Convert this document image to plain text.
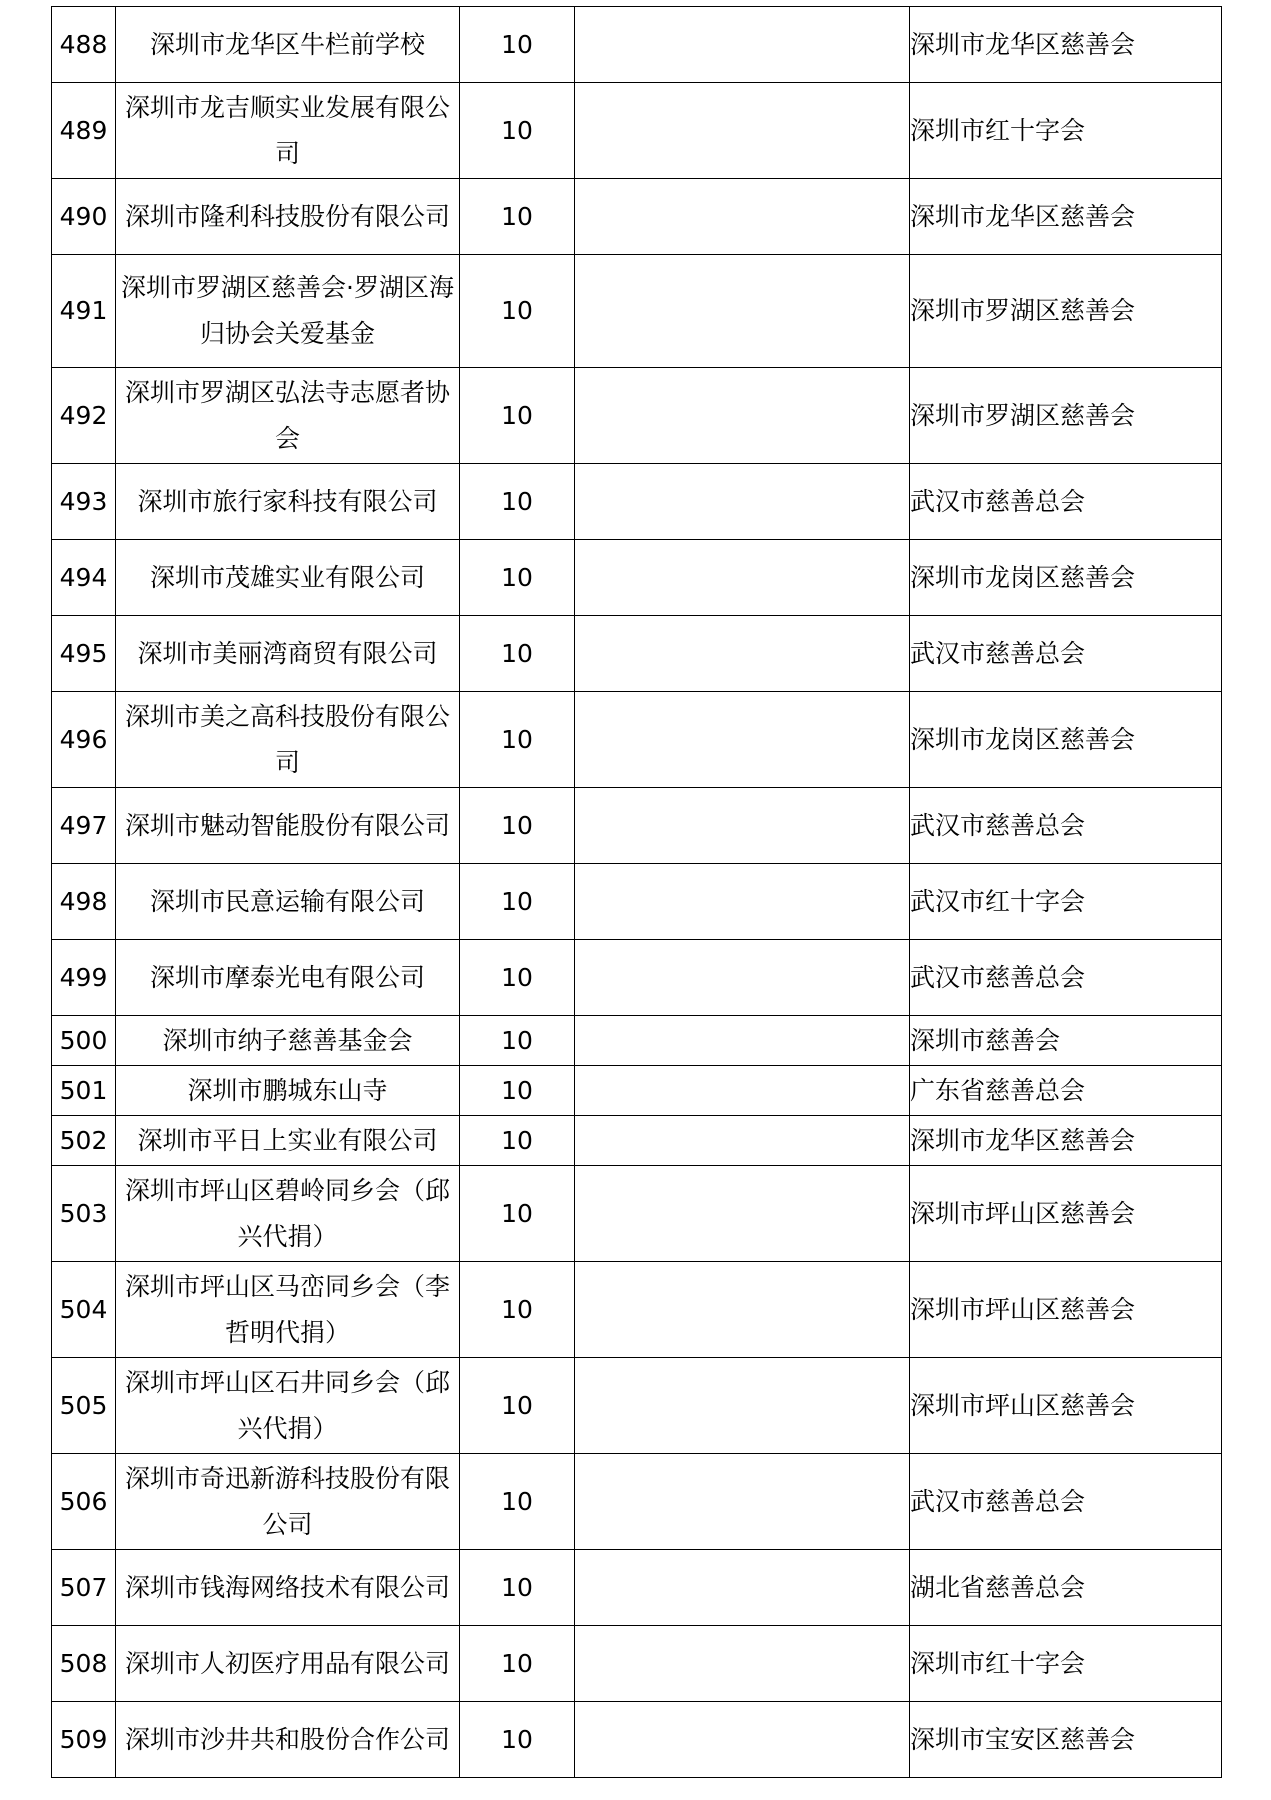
488	深圳市龙华区牛栏前学校	10		深圳市龙华区慈善会
489	深圳市龙吉顺实业发展有限公司	10		深圳市红十字会
490	深圳市隆利科技股份有限公司	10		深圳市龙华区慈善会
491	深圳市罗湖区慈善会·罗湖区海归协会关爱基金	10		深圳市罗湖区慈善会
492	深圳市罗湖区弘法寺志愿者协会	10		深圳市罗湖区慈善会
493	深圳市旅行家科技有限公司	10		武汉市慈善总会
494	深圳市茂雄实业有限公司	10		深圳市龙岗区慈善会
495	深圳市美丽湾商贸有限公司	10		武汉市慈善总会
496	深圳市美之高科技股份有限公司	10		深圳市龙岗区慈善会
497	深圳市魅动智能股份有限公司	10		武汉市慈善总会
498	深圳市民意运输有限公司	10		武汉市红十字会
499	深圳市摩泰光电有限公司	10		武汉市慈善总会
500	深圳市纳子慈善基金会	10		深圳市慈善会
501	深圳市鹏城东山寺	10		广东省慈善总会
502	深圳市平日上实业有限公司	10		深圳市龙华区慈善会
503	深圳市坪山区碧岭同乡会（邱兴代捐）	10		深圳市坪山区慈善会
504	深圳市坪山区马峦同乡会（李哲明代捐）	10		深圳市坪山区慈善会
505	深圳市坪山区石井同乡会（邱兴代捐）	10		深圳市坪山区慈善会
506	深圳市奇迅新游科技股份有限公司	10		武汉市慈善总会
507	深圳市钱海网络技术有限公司	10		湖北省慈善总会
508	深圳市人初医疗用品有限公司	10		深圳市红十字会
509	深圳市沙井共和股份合作公司	10		深圳市宝安区慈善会
